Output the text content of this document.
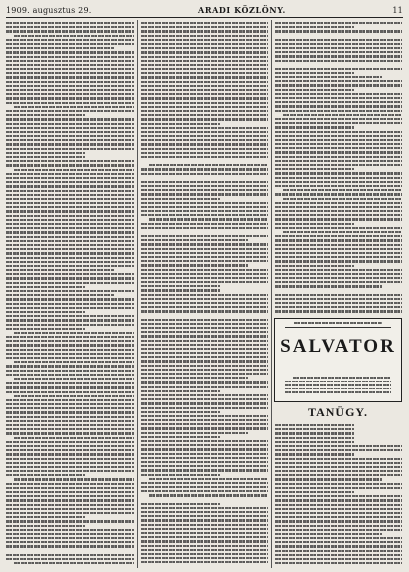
1909. augusztus 29.	ARADI KÖZLÖNY.	11
SALVATOR
TANÜGY.
